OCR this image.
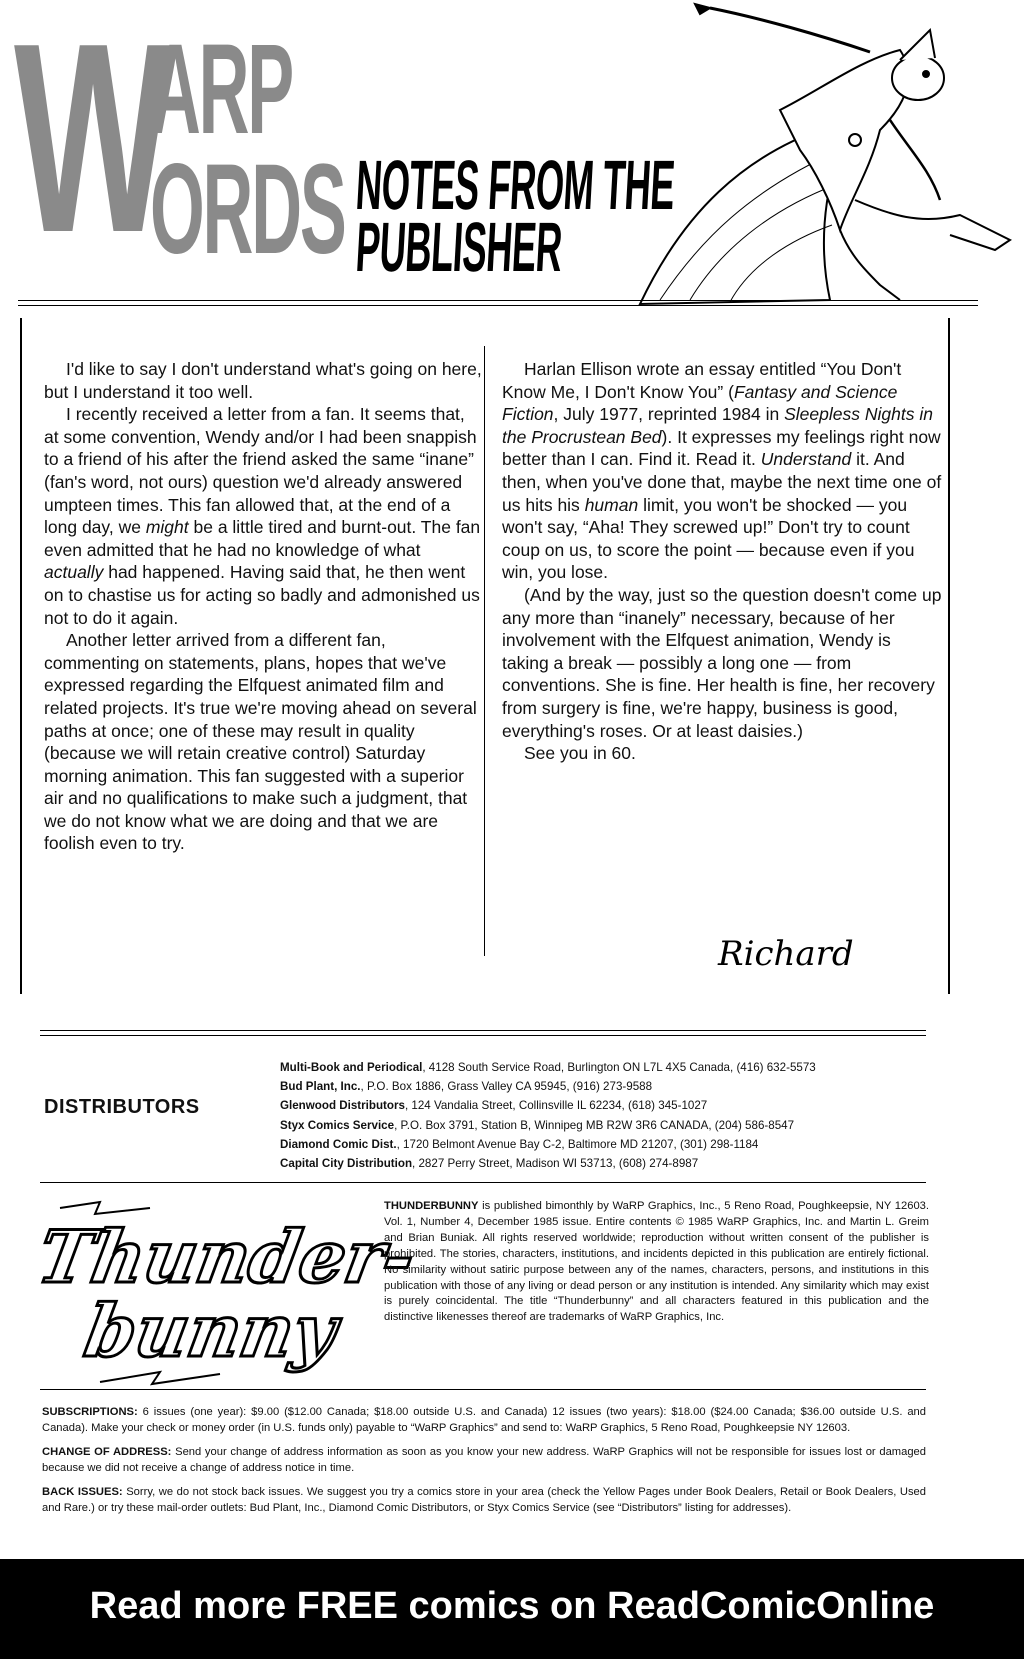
W
ARP
ORDS NOTES FROM THE
PUBLISHER

I'd like to say I don't understand what's going on here, but I understand it too well.

I recently received a letter from a fan. It seems that, at some convention, Wendy and/or I had been snappish to a friend of his after the friend asked the same “inane” (fan's word, not ours) question we'd already answered umpteen times. This fan allowed that, at the end of a long day, we might be a little tired and burnt-out. The fan even admitted that he had no knowledge of what actually had happened. Having said that, he then went on to chastise us for acting so badly and admonished us not to do it again.

Another letter arrived from a different fan, commenting on statements, plans, hopes that we've expressed regarding the Elfquest animated film and related projects. It's true we're moving ahead on several paths at once; one of these may result in quality (because we will retain creative control) Saturday morning animation. This fan suggested with a superior air and no qualifications to make such a judgment, that we do not know what we are doing and that we are foolish even to try.

Harlan Ellison wrote an essay entitled “You Don't Know Me, I Don't Know You” (Fantasy and Science Fiction, July 1977, reprinted 1984 in Sleepless Nights in the Procrustean Bed). It expresses my feelings right now better than I can. Find it. Read it. Understand it. And then, when you've done that, maybe the next time one of us hits his human limit, you won't be shocked — you won't say, “Aha! They screwed up!” Don't try to count coup on us, to score the point — because even if you win, you lose.

(And by the way, just so the question doesn't come up any more than “inanely” necessary, because of her involvement with the Elfquest animation, Wendy is taking a break — possibly a long one — from conventions. She is fine. Her health is fine, her recovery from surgery is fine, we're happy, business is good, everything's roses. Or at least daisies.)

See you in 60.

Richard
DISTRIBUTORS
Multi-Book and Periodical, 4128 South Service Road, Burlington ON L7L 4X5 Canada, (416) 632-5573
Bud Plant, Inc., P.O. Box 1886, Grass Valley CA 95945, (916) 273-9588
Glenwood Distributors, 124 Vandalia Street, Collinsville IL 62234, (618) 345-1027
Styx Comics Service, P.O. Box 3791, Station B, Winnipeg MB R2W 3R6 CANADA, (204) 586-8547
Diamond Comic Dist., 1720 Belmont Avenue Bay C-2, Baltimore MD 21207, (301) 298-1184
Capital City Distribution, 2827 Perry Street, Madison WI 53713, (608) 274-8987
Thunder-
bunny
THUNDERBUNNY is published bimonthly by WaRP Graphics, Inc., 5 Reno Road, Poughkeepsie, NY 12603. Vol. 1, Number 4, December 1985 issue. Entire contents © 1985 WaRP Graphics, Inc. and Martin L. Greim and Brian Buniak. All rights reserved worldwide; reproduction without written consent of the publisher is prohibited. The stories, characters, institutions, and incidents depicted in this publication are entirely fictional. No similarity without satiric purpose between any of the names, characters, persons, and institutions in this publication with those of any living or dead person or any institution is intended. Any similarity which may exist is purely coincidental. The title “Thunderbunny” and all characters featured in this publication and the distinctive likenesses thereof are trademarks of WaRP Graphics, Inc.

SUBSCRIPTIONS: 6 issues (one year): $9.00 ($12.00 Canada; $18.00 outside U.S. and Canada) 12 issues (two years): $18.00 ($24.00 Canada; $36.00 outside U.S. and Canada). Make your check or money order (in U.S. funds only) payable to “WaRP Graphics” and send to: WaRP Graphics, 5 Reno Road, Poughkeepsie NY 12603.

CHANGE OF ADDRESS: Send your change of address information as soon as you know your new address. WaRP Graphics will not be responsible for issues lost or damaged because we did not receive a change of address notice in time.

BACK ISSUES: Sorry, we do not stock back issues. We suggest you try a comics store in your area (check the Yellow Pages under Book Dealers, Retail or Book Dealers, Used and Rare.) or try these mail-order outlets: Bud Plant, Inc., Diamond Comic Distributors, or Styx Comics Service (see “Distributors” listing for addresses).

Read more FREE comics on ReadComicOnline
